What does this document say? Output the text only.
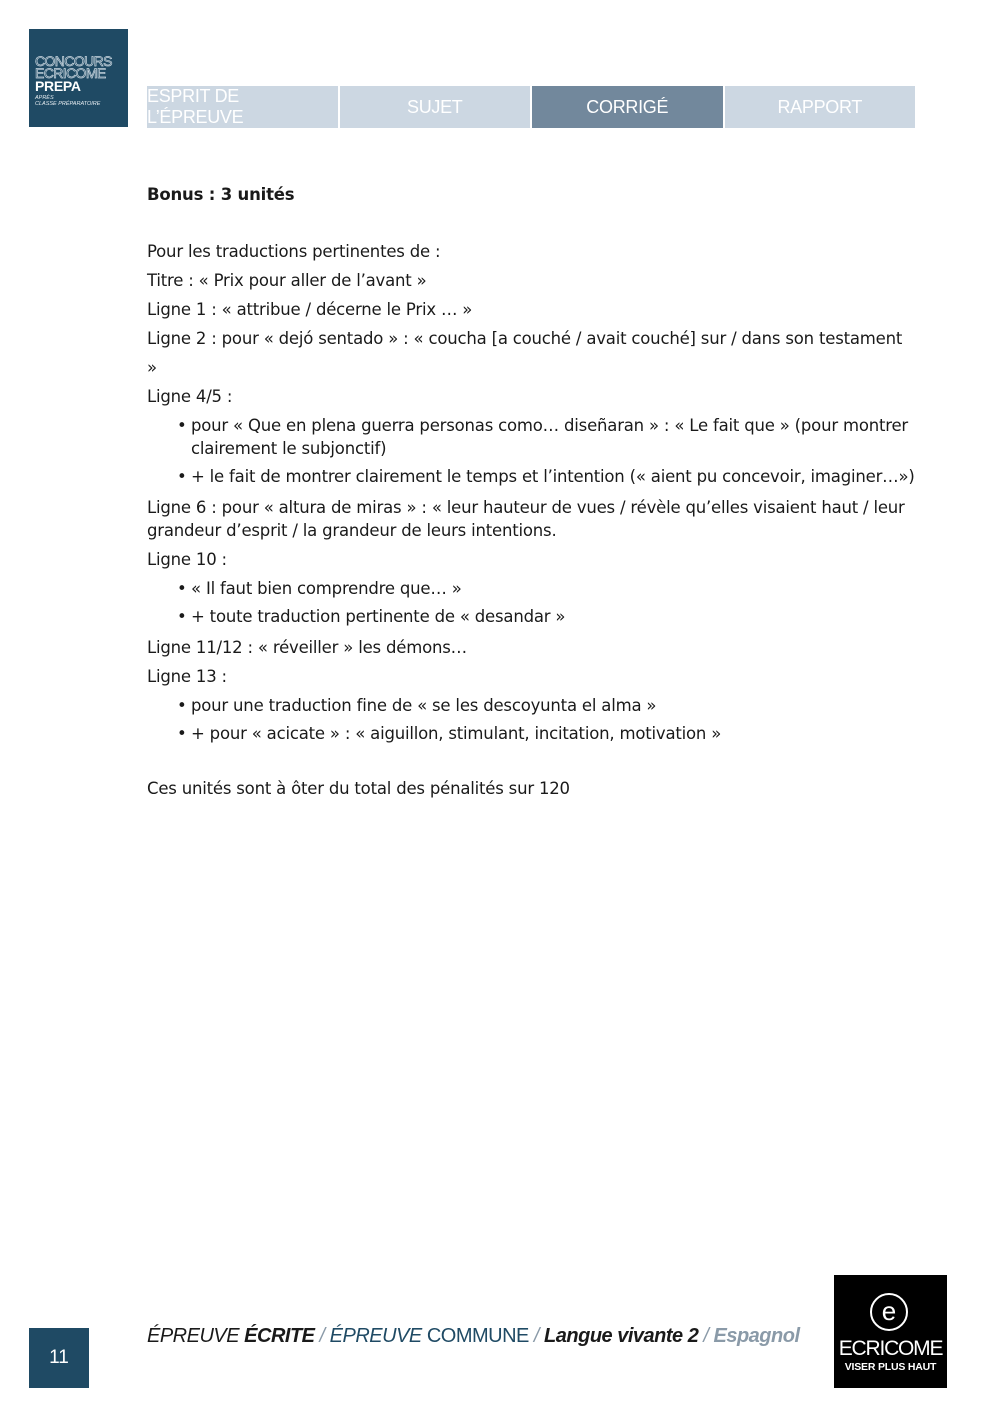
CONCOURS
ECRICOME
PREPA
APRÈS
CLASSE PRÉPARATOIRE	ESPRIT DE L’ÉPREUVE
SUJET	CORRIGÉ	RAPPORT

Bonus : 3 unités

Pour les traductions pertinentes de :

Titre : « Prix pour aller de l’avant »

Ligne 1 : « attribue / décerne le Prix … »

Ligne 2 : pour « dejó sentado » : « coucha [a couché / avait couché] sur / dans son testament »

Ligne 4/5 :

• pour « Que en plena guerra personas como… diseñaran » : « Le fait que » (pour montrer clairement le subjonctif)
• + le fait de montrer clairement le temps et l’intention (« aient pu concevoir, imaginer…»)

Ligne 6 : pour « altura de miras » : « leur hauteur de vues / révèle qu’elles visaient haut / leur grandeur d’esprit / la grandeur de leurs intentions.

Ligne 10 :

• « Il faut bien comprendre que… »
• + toute traduction pertinente de « desandar »

Ligne 11/12 : « réveiller » les démons…

Ligne 13 :

• pour une traduction fine de « se les descoyunta el alma »
• + pour « acicate » : « aiguillon, stimulant, incitation, motivation »

Ces unités sont à ôter du total des pénalités sur 120

11
ÉPREUVE ÉCRITE / ÉPREUVE COMMUNE / Langue vivante 2 / Espagnol
e
ECRICOME
VISER PLUS HAUT
